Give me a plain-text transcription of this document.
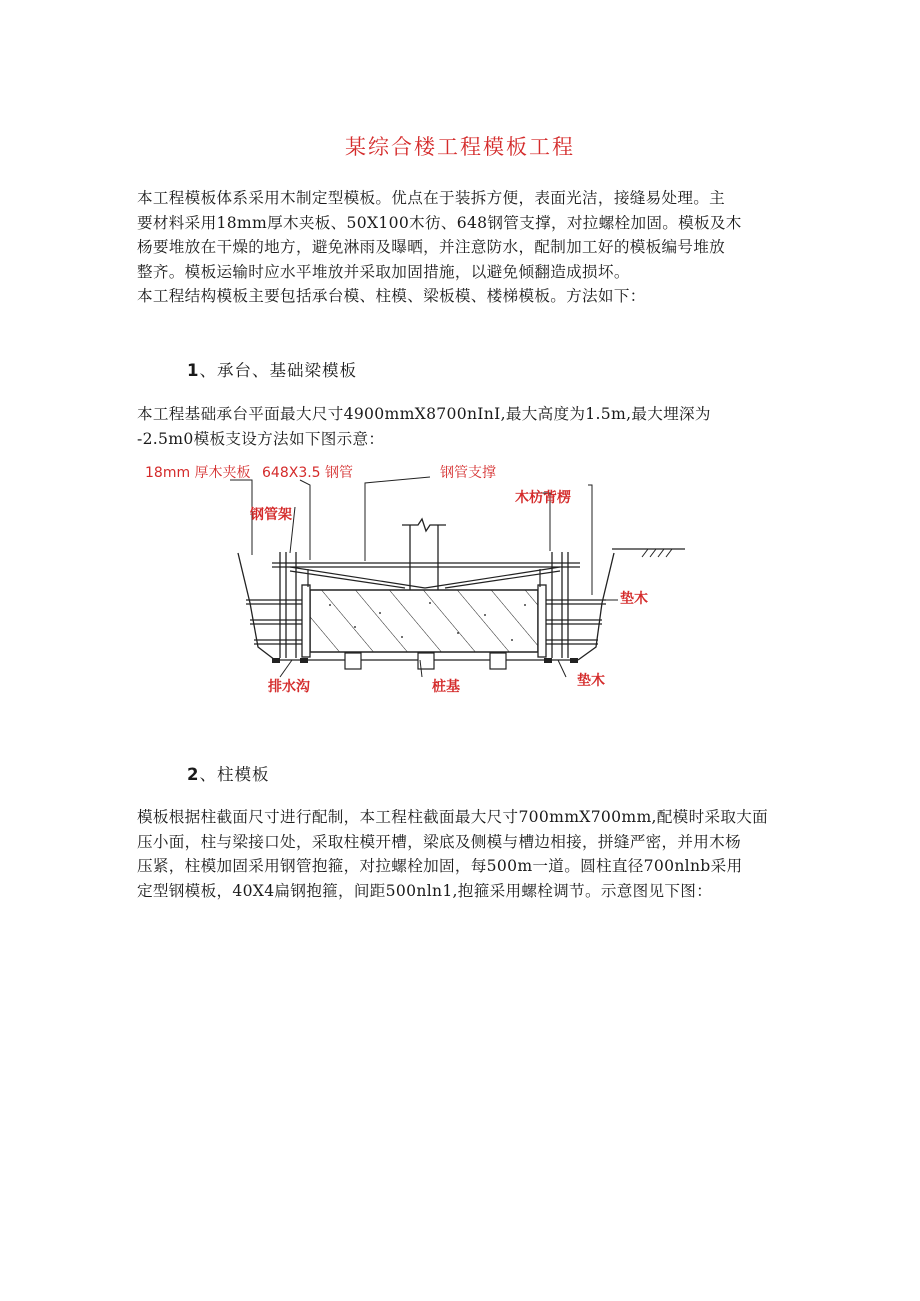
某综合楼工程模板工程
本工程模板体系采用木制定型模板。优点在于装拆方便，表面光洁，接缝易处理。主
要材料采用18mm厚木夹板、50X100木彷、648钢管支撑，对拉螺栓加固。模板及木
杨要堆放在干燥的地方，避免淋雨及曝晒，并注意防水，配制加工好的模板编号堆放
整齐。模板运输时应水平堆放并采取加固措施，以避免倾翻造成损坏。
本工程结构模板主要包括承台模、柱模、梁板模、楼梯模板。方法如下：
1、承台、基础梁模板
本工程基础承台平面最大尺寸4900mmX8700nInI,最大高度为1.5m,最大埋深为
-2.5m0模板支设方法如下图示意：
18mm 厚木夹板 648X3.5 钢管	钢管支撑
钢管架
木枋背楞
垫木
垫木
排水沟	桩基
2、柱模板
模板根据柱截面尺寸进行配制，本工程柱截面最大尺寸700mmX700mm,配模时采取大面
压小面，柱与梁接口处，采取柱模开槽，梁底及侧模与槽边相接，拼缝严密，并用木杨
压紧，柱模加固采用钢管抱箍，对拉螺栓加固，每500m一道。圆柱直径700nlnb采用
定型钢模板，40X4扁钢抱箍，间距500nln1,抱箍采用螺栓调节。示意图见下图：
